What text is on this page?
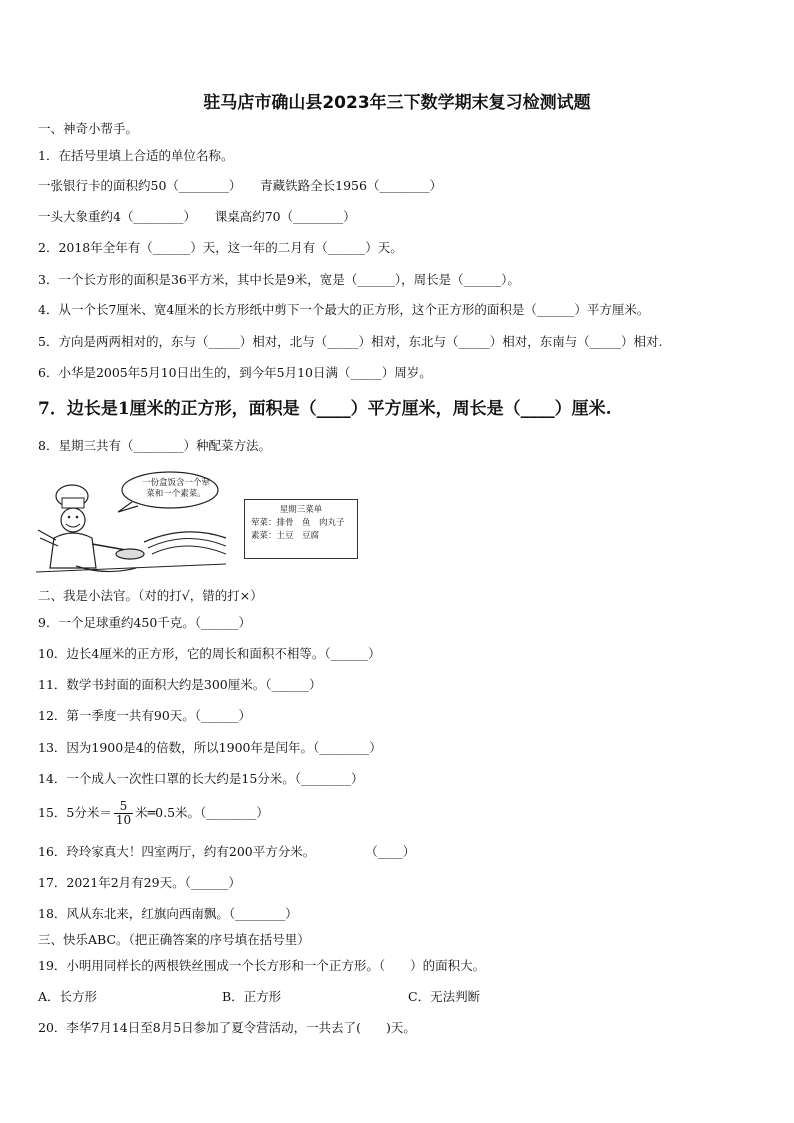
驻马店市确山县2023年三下数学期末复习检测试题
一、神奇小帮手。
1．在括号里填上合适的单位名称。
一张银行卡的面积约50（________）　　青藏铁路全长1956（________）
一头大象重约4（________）　　课桌高约70（________）
2．2018年全年有（______）天，这一年的二月有（______）天。
3．一个长方形的面积是36平方米，其中长是9米，宽是（______），周长是（______）。
4．从一个长7厘米、宽4厘米的长方形纸中剪下一个最大的正方形，这个正方形的面积是（______）平方厘米。
5．方向是两两相对的，东与（_____）相对，北与（_____）相对，东北与（_____）相对，东南与（_____）相对.
6．小华是2005年5月10日出生的，到今年5月10日满（_____）周岁。
7．边长是1厘米的正方形，面积是（____）平方厘米，周长是（____）厘米.
8．星期三共有（________）种配菜方法。
一份盒饭含一个荤
菜和一个素菜。
星期三菜单
荤菜：排骨　鱼　肉丸子
素菜：土豆　豆腐
二、我是小法官。（对的打√，错的打×）
9．一个足球重约450千克。（______）
10．边长4厘米的正方形，它的周长和面积不相等。（______）
11．数学书封面的面积大约是300厘米。（______）
12．第一季度一共有90天。（______）
13．因为1900是4的倍数，所以1900年是闰年。（________）
14．一个成人一次性口罩的长大约是15分米。（________）
15．5分米＝ $\frac{5}{10}$ 米═0.5米。（________）
16．玲玲家真大！四室两厅，约有200平方分米。　　　　　（____）
17．2021年2月有29天。（______）
18．风从东北来，红旗向西南飘。（________）
三、快乐ABC。（把正确答案的序号填在括号里）
19．小明用同样长的两根铁丝围成一个长方形和一个正方形。（　　）的面积大。
A．长方形	B．正方形	C．无法判断
20．李华7月14日至8月5日参加了夏令营活动，一共去了(　　)天。
